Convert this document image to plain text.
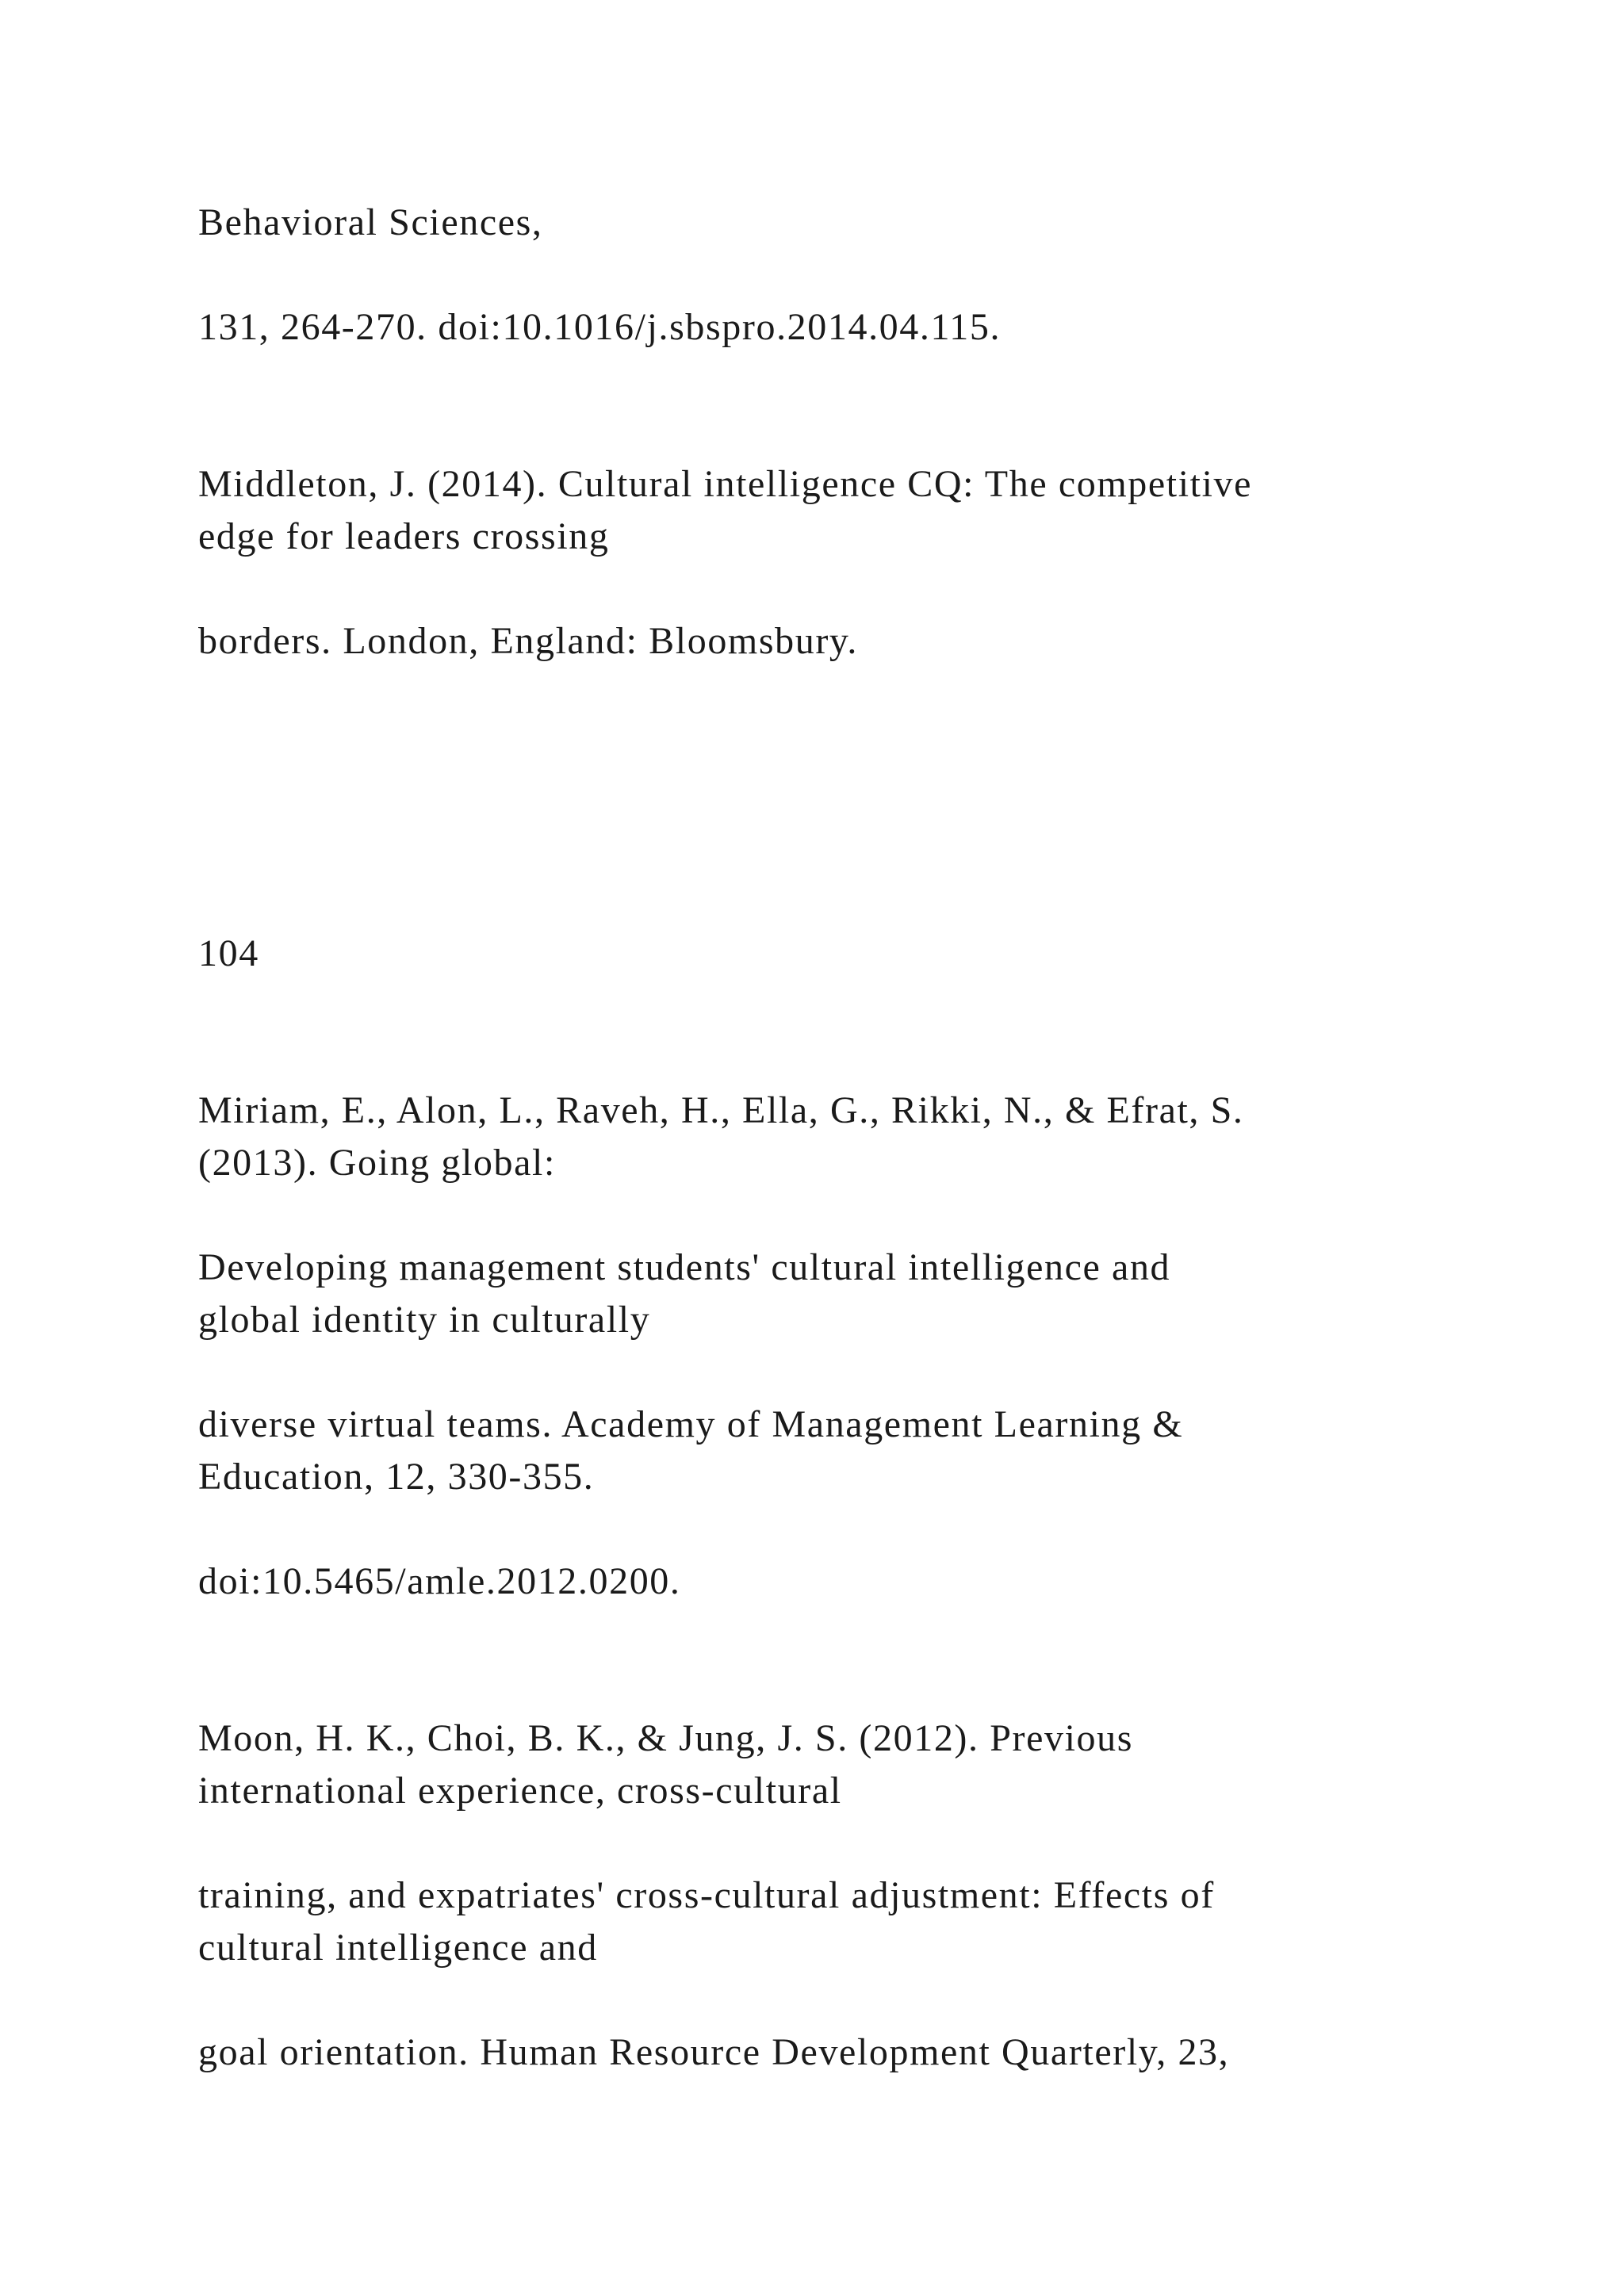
Behavioral Sciences,

131, 264-270. doi:10.1016/j.sbspro.2014.04.115.

Middleton, J. (2014). Cultural intelligence CQ: The competitive

edge for leaders crossing

borders. London, England: Bloomsbury.

104

Miriam, E., Alon, L., Raveh, H., Ella, G., Rikki, N., & Efrat, S.

(2013). Going global:

Developing management students' cultural intelligence and

global identity in culturally

diverse virtual teams. Academy of Management Learning &

Education, 12, 330-355.

doi:10.5465/amle.2012.0200.

Moon, H. K., Choi, B. K., & Jung, J. S. (2012). Previous

international experience, cross-cultural

training, and expatriates' cross-cultural adjustment: Effects of

cultural intelligence and

goal orientation. Human Resource Development Quarterly, 23,
